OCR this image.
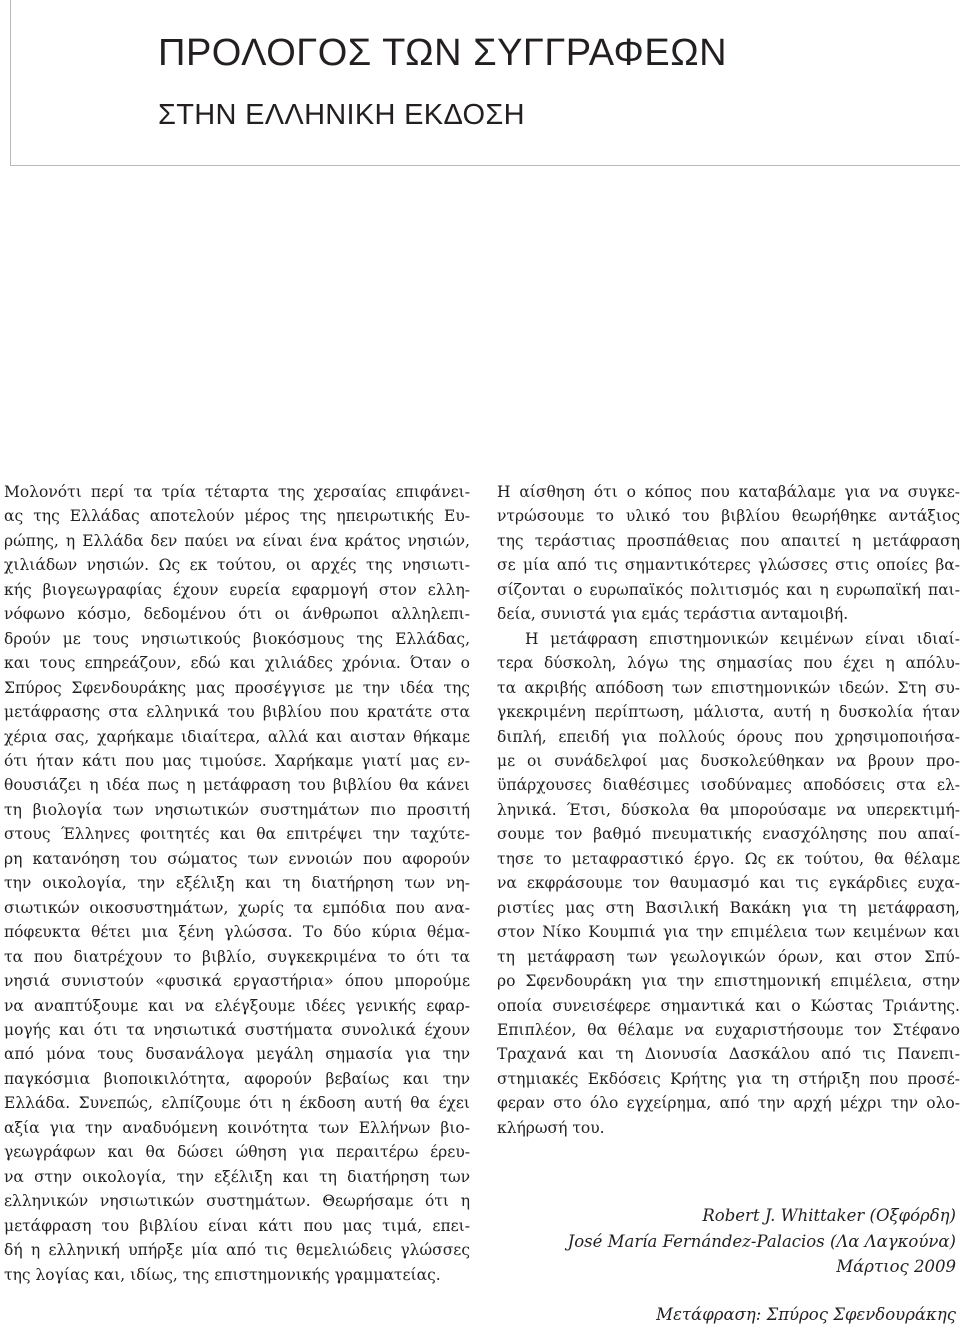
ΠΡΟΛΟΓΟΣ ΤΩΝ ΣΥΓΓΡΑΦΕΩΝ
ΣΤΗΝ ΕΛΛΗΝΙΚΗ ΕΚΔΟΣΗ
Μολονότι περί τα τρία τέταρτα της χερσαίας επιφάνει-
ας της Ελλάδας αποτελούν μέρος της ηπειρωτικής Ευ-
ρώπης, η Ελλάδα δεν παύει να είναι ένα κράτος νησιών,
χιλιάδων νησιών. Ως εκ τούτου, οι αρχές της νησιωτι-
κής βιογεωγραφίας έχουν ευρεία εφαρμογή στον ελλη-
νόφωνο κόσμο, δεδομένου ότι οι άνθρωποι αλληλεπι-
δρούν με τους νησιωτικούς βιοκόσμους της Ελλάδας,
και τους επηρεάζουν, εδώ και χιλιάδες χρόνια. Όταν ο
Σπύρος Σφενδουράκης μας προσέγγισε με την ιδέα της
μετάφρασης στα ελληνικά του βιβλίου που κρατάτε στα
χέρια σας, χαρήκαμε ιδιαίτερα, αλλά και αισταν θήκαμε
ότι ήταν κάτι που μας τιμούσε. Χαρήκαμε γιατί μας εν-
θουσιάζει η ιδέα πως η μετάφραση του βιβλίου θα κάνει
τη βιολογία των νησιωτικών συστημάτων πιο προσιτή
στους Έλληνες φοιτητές και θα επιτρέψει την ταχύτε-
ρη κατανόηση του σώματος των εννοιών που αφορούν
την οικολογία, την εξέλιξη και τη διατήρηση των νη-
σιωτικών οικοσυστημάτων, χωρίς τα εμπόδια που ανα-
πόφευκτα θέτει μια ξένη γλώσσα. Το δύο κύρια θέμα-
τα που διατρέχουν το βιβλίο, συγκεκριμένα το ότι τα
νησιά συνιστούν «φυσικά εργαστήρια» όπου μπορούμε
να αναπτύξουμε και να ελέγξουμε ιδέες γενικής εφαρ-
μογής και ότι τα νησιωτικά συστήματα συνολικά έχουν
από μόνα τους δυσανάλογα μεγάλη σημασία για την
παγκόσμια βιοποικιλότητα, αφορούν βεβαίως και την
Ελλάδα. Συνεπώς, ελπίζουμε ότι η έκδοση αυτή θα έχει
αξία για την αναδυόμενη κοινότητα των Ελλήνων βιο-
γεωγράφων και θα δώσει ώθηση για περαιτέρω έρευ-
να στην οικολογία, την εξέλιξη και τη διατήρηση των
ελληνικών νησιωτικών συστημάτων. Θεωρήσαμε ότι η
μετάφραση του βιβλίου είναι κάτι που μας τιμά, επει-
δή η ελληνική υπήρξε μία από τις θεμελιώδεις γλώσσες
της λογίας και, ιδίως, της επιστημονικής γραμματείας.
Η αίσθηση ότι ο κόπος που καταβάλαμε για να συγκε-
ντρώσουμε το υλικό του βιβλίου θεωρήθηκε αντάξιος
της τεράστιας προσπάθειας που απαιτεί η μετάφραση
σε μία από τις σημαντικότερες γλώσσες στις οποίες βα-
σίζονται ο ευρωπαϊκός πολιτισμός και η ευρωπαϊκή παι-
δεία, συνιστά για εμάς τεράστια ανταμοιβή.
Η μετάφραση επιστημονικών κειμένων είναι ιδιαί-
τερα δύσκολη, λόγω της σημασίας που έχει η απόλυ-
τα ακριβής απόδοση των επιστημονικών ιδεών. Στη συ-
γκεκριμένη περίπτωση, μάλιστα, αυτή η δυσκολία ήταν
διπλή, επειδή για πολλούς όρους που χρησιμοποιήσα-
με οι συνάδελφοί μας δυσκολεύθηκαν να βρουν προ-
ϋπάρχουσες διαθέσιμες ισοδύναμες αποδόσεις στα ελ-
ληνικά. Έτσι, δύσκολα θα μπορούσαμε να υπερεκτιμή-
σουμε τον βαθμό πνευματικής ενασχόλησης που απαί-
τησε το μεταφραστικό έργο. Ως εκ τούτου, θα θέλαμε
να εκφράσουμε τον θαυμασμό και τις εγκάρδιες ευχα-
ριστίες μας στη Βασιλική Βακάκη για τη μετάφραση,
στον Νίκο Κουμπιά για την επιμέλεια των κειμένων και
τη μετάφραση των γεωλογικών όρων, και στον Σπύ-
ρο Σφενδουράκη για την επιστημονική επιμέλεια, στην
οποία συνεισέφερε σημαντικά και ο Κώστας Τριάντης.
Επιπλέον, θα θέλαμε να ευχαριστήσουμε τον Στέφανο
Τραχανά και τη Διονυσία Δασκάλου από τις Πανεπι-
στημιακές Εκδόσεις Κρήτης για τη στήριξη που προσέ-
φεραν στο όλο εγχείρημα, από την αρχή μέχρι την ολο-
κλήρωσή του.
Robert J. Whittaker (Οξφόρδη)
José María Fernández-Palacios (Λα Λαγκούνα)
Μάρτιος 2009
Μετάφραση: Σπύρος Σφενδουράκης
